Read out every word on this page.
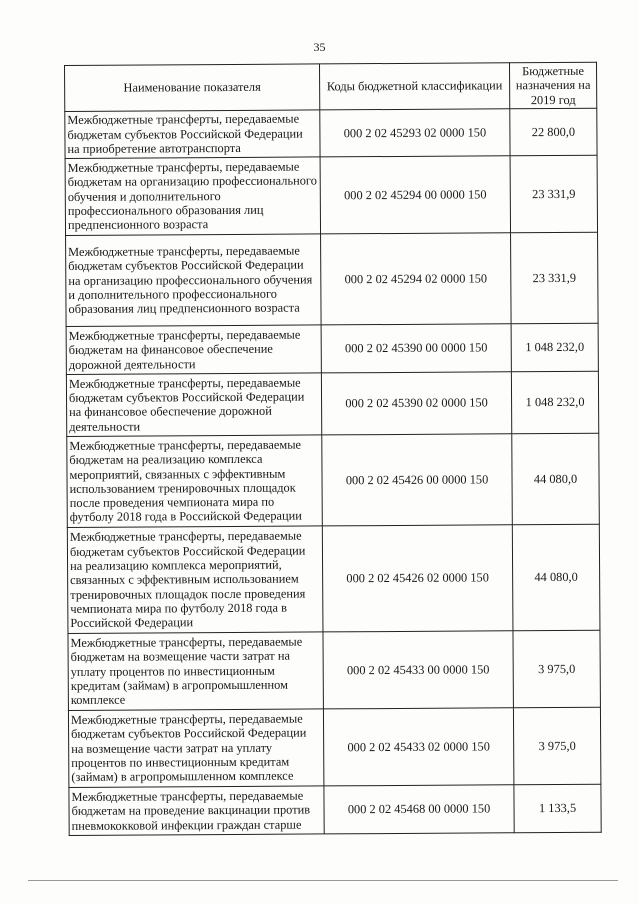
35
Наименование показателя	Коды бюджетной классификации	Бюджетные назначения на 2019 год
Межбюджетные трансферты, передаваемые бюджетам субъектов Российской Федерации на приобретение автотранспорта	000 2 02 45293 02 0000 150	22 800,0
Межбюджетные трансферты, передаваемые бюджетам на организацию профессионального обучения и дополнительного профессионального образования лиц предпенсионного возраста	000 2 02 45294 00 0000 150	23 331,9
Межбюджетные трансферты, передаваемые бюджетам субъектов Российской Федерации на организацию профессионального обучения и дополнительного профессионального образования лиц предпенсионного возраста	000 2 02 45294 02 0000 150	23 331,9
Межбюджетные трансферты, передаваемые бюджетам на финансовое обеспечение дорожной деятельности	000 2 02 45390 00 0000 150	1 048 232,0
Межбюджетные трансферты, передаваемые бюджетам субъектов Российской Федерации на финансовое обеспечение дорожной деятельности	000 2 02 45390 02 0000 150	1 048 232,0
Межбюджетные трансферты, передаваемые бюджетам на реализацию комплекса мероприятий, связанных с эффективным использованием тренировочных площадок после проведения чемпионата мира по футболу 2018 года в Российской Федерации	000 2 02 45426 00 0000 150	44 080,0
Межбюджетные трансферты, передаваемые бюджетам субъектов Российской Федерации на реализацию комплекса мероприятий, связанных с эффективным использованием тренировочных площадок после проведения чемпионата мира по футболу 2018 года в Российской Федерации	000 2 02 45426 02 0000 150	44 080,0
Межбюджетные трансферты, передаваемые бюджетам на возмещение части затрат на уплату процентов по инвестиционным кредитам (займам) в агропромышленном комплексе	000 2 02 45433 00 0000 150	3 975,0
Межбюджетные трансферты, передаваемые бюджетам субъектов Российской Федерации на возмещение части затрат на уплату процентов по инвестиционным кредитам (займам) в агропромышленном комплексе	000 2 02 45433 02 0000 150	3 975,0
Межбюджетные трансферты, передаваемые бюджетам на проведение вакцинации против пневмококковой инфекции граждан старше	000 2 02 45468 00 0000 150	1 133,5
